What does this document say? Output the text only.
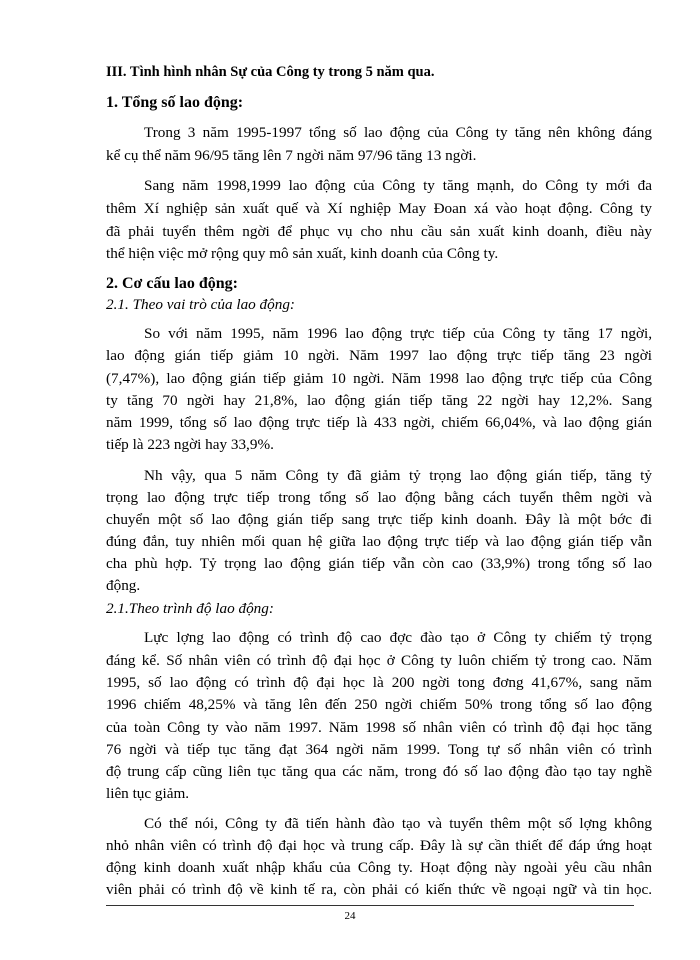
III. Tình hình nhân Sự của Công ty trong 5 năm qua.
1. Tổng số lao động:
Trong 3 năm 1995-1997 tổng số lao động của Công ty tăng nên không đáng
kể cụ thể năm 96/95 tăng lên 7 ngời năm 97/96 tăng 13 ngời.
Sang năm 1998,1999 lao động của Công ty tăng mạnh, do Công ty mới đa
thêm Xí nghiệp sản xuất quế và Xí nghiệp May Đoan xá vào hoạt động. Công ty
đã phải tuyển thêm ngời để phục vụ cho nhu cầu sản xuất kinh doanh, điều này
thể hiện việc mở rộng quy mô sản xuất, kinh doanh của Công ty.
2. Cơ cấu lao động:
2.1. Theo vai trò của lao động:
So với năm 1995, năm 1996 lao động trực tiếp của Công ty tăng 17 ngời,
lao động gián tiếp giảm 10 ngời. Năm 1997 lao động trực tiếp tăng 23 ngời
(7,47%), lao động gián tiếp giảm 10 ngời. Năm 1998 lao động trực tiếp của Công
ty tăng 70 ngời hay 21,8%, lao động gián tiếp tăng 22 ngời hay 12,2%. Sang
năm 1999, tổng số lao động trực tiếp là 433 ngời, chiếm 66,04%, và lao động gián
tiếp là 223 ngời hay 33,9%.
Nh vậy, qua 5 năm Công ty đã giảm tỷ trọng lao động gián tiếp, tăng tỷ
trọng lao động trực tiếp trong tổng số lao động bằng cách tuyển thêm ngời và
chuyển một số lao động gián tiếp sang trực tiếp kinh doanh. Đây là một bớc đi
đúng đắn, tuy nhiên mối quan hệ giữa lao động trực tiếp và lao động gián tiếp vẫn
cha phù hợp. Tỷ trọng lao động gián tiếp vẫn còn cao (33,9%) trong tổng số lao
động.
2.1.Theo trình độ lao động:
Lực lợng lao động có trình độ cao đợc đào tạo ở Công ty chiếm tỷ trọng
đáng kể. Số nhân viên có trình độ đại học ở Công ty luôn chiếm tỷ trong cao. Năm
1995, số lao động có trình độ đại học là 200 ngời tong đơng 41,67%, sang năm
1996 chiếm 48,25% và tăng lên đến 250 ngời chiếm 50% trong tổng số lao động
của toàn Công ty vào năm 1997. Năm 1998 số nhân viên có trình độ đại học tăng
76 ngời và tiếp tục tăng đạt 364 ngời năm 1999. Tong tự số nhân viên có trình
độ trung cấp cũng liên tục tăng qua các năm, trong đó số lao động đào tạo tay nghề
liên tục giảm.
Có thể nói, Công ty đã tiến hành đào tạo và tuyển thêm một số lợng không
nhỏ nhân viên có trình độ đại học và trung cấp. Đây là sự cần thiết để đáp ứng hoạt
động kinh doanh xuất nhập khẩu của Công ty. Hoạt động này ngoài yêu cầu nhân
viên phải có trình độ về kinh tế ra, còn phải có kiến thức về ngoại ngữ và tin học.
24
